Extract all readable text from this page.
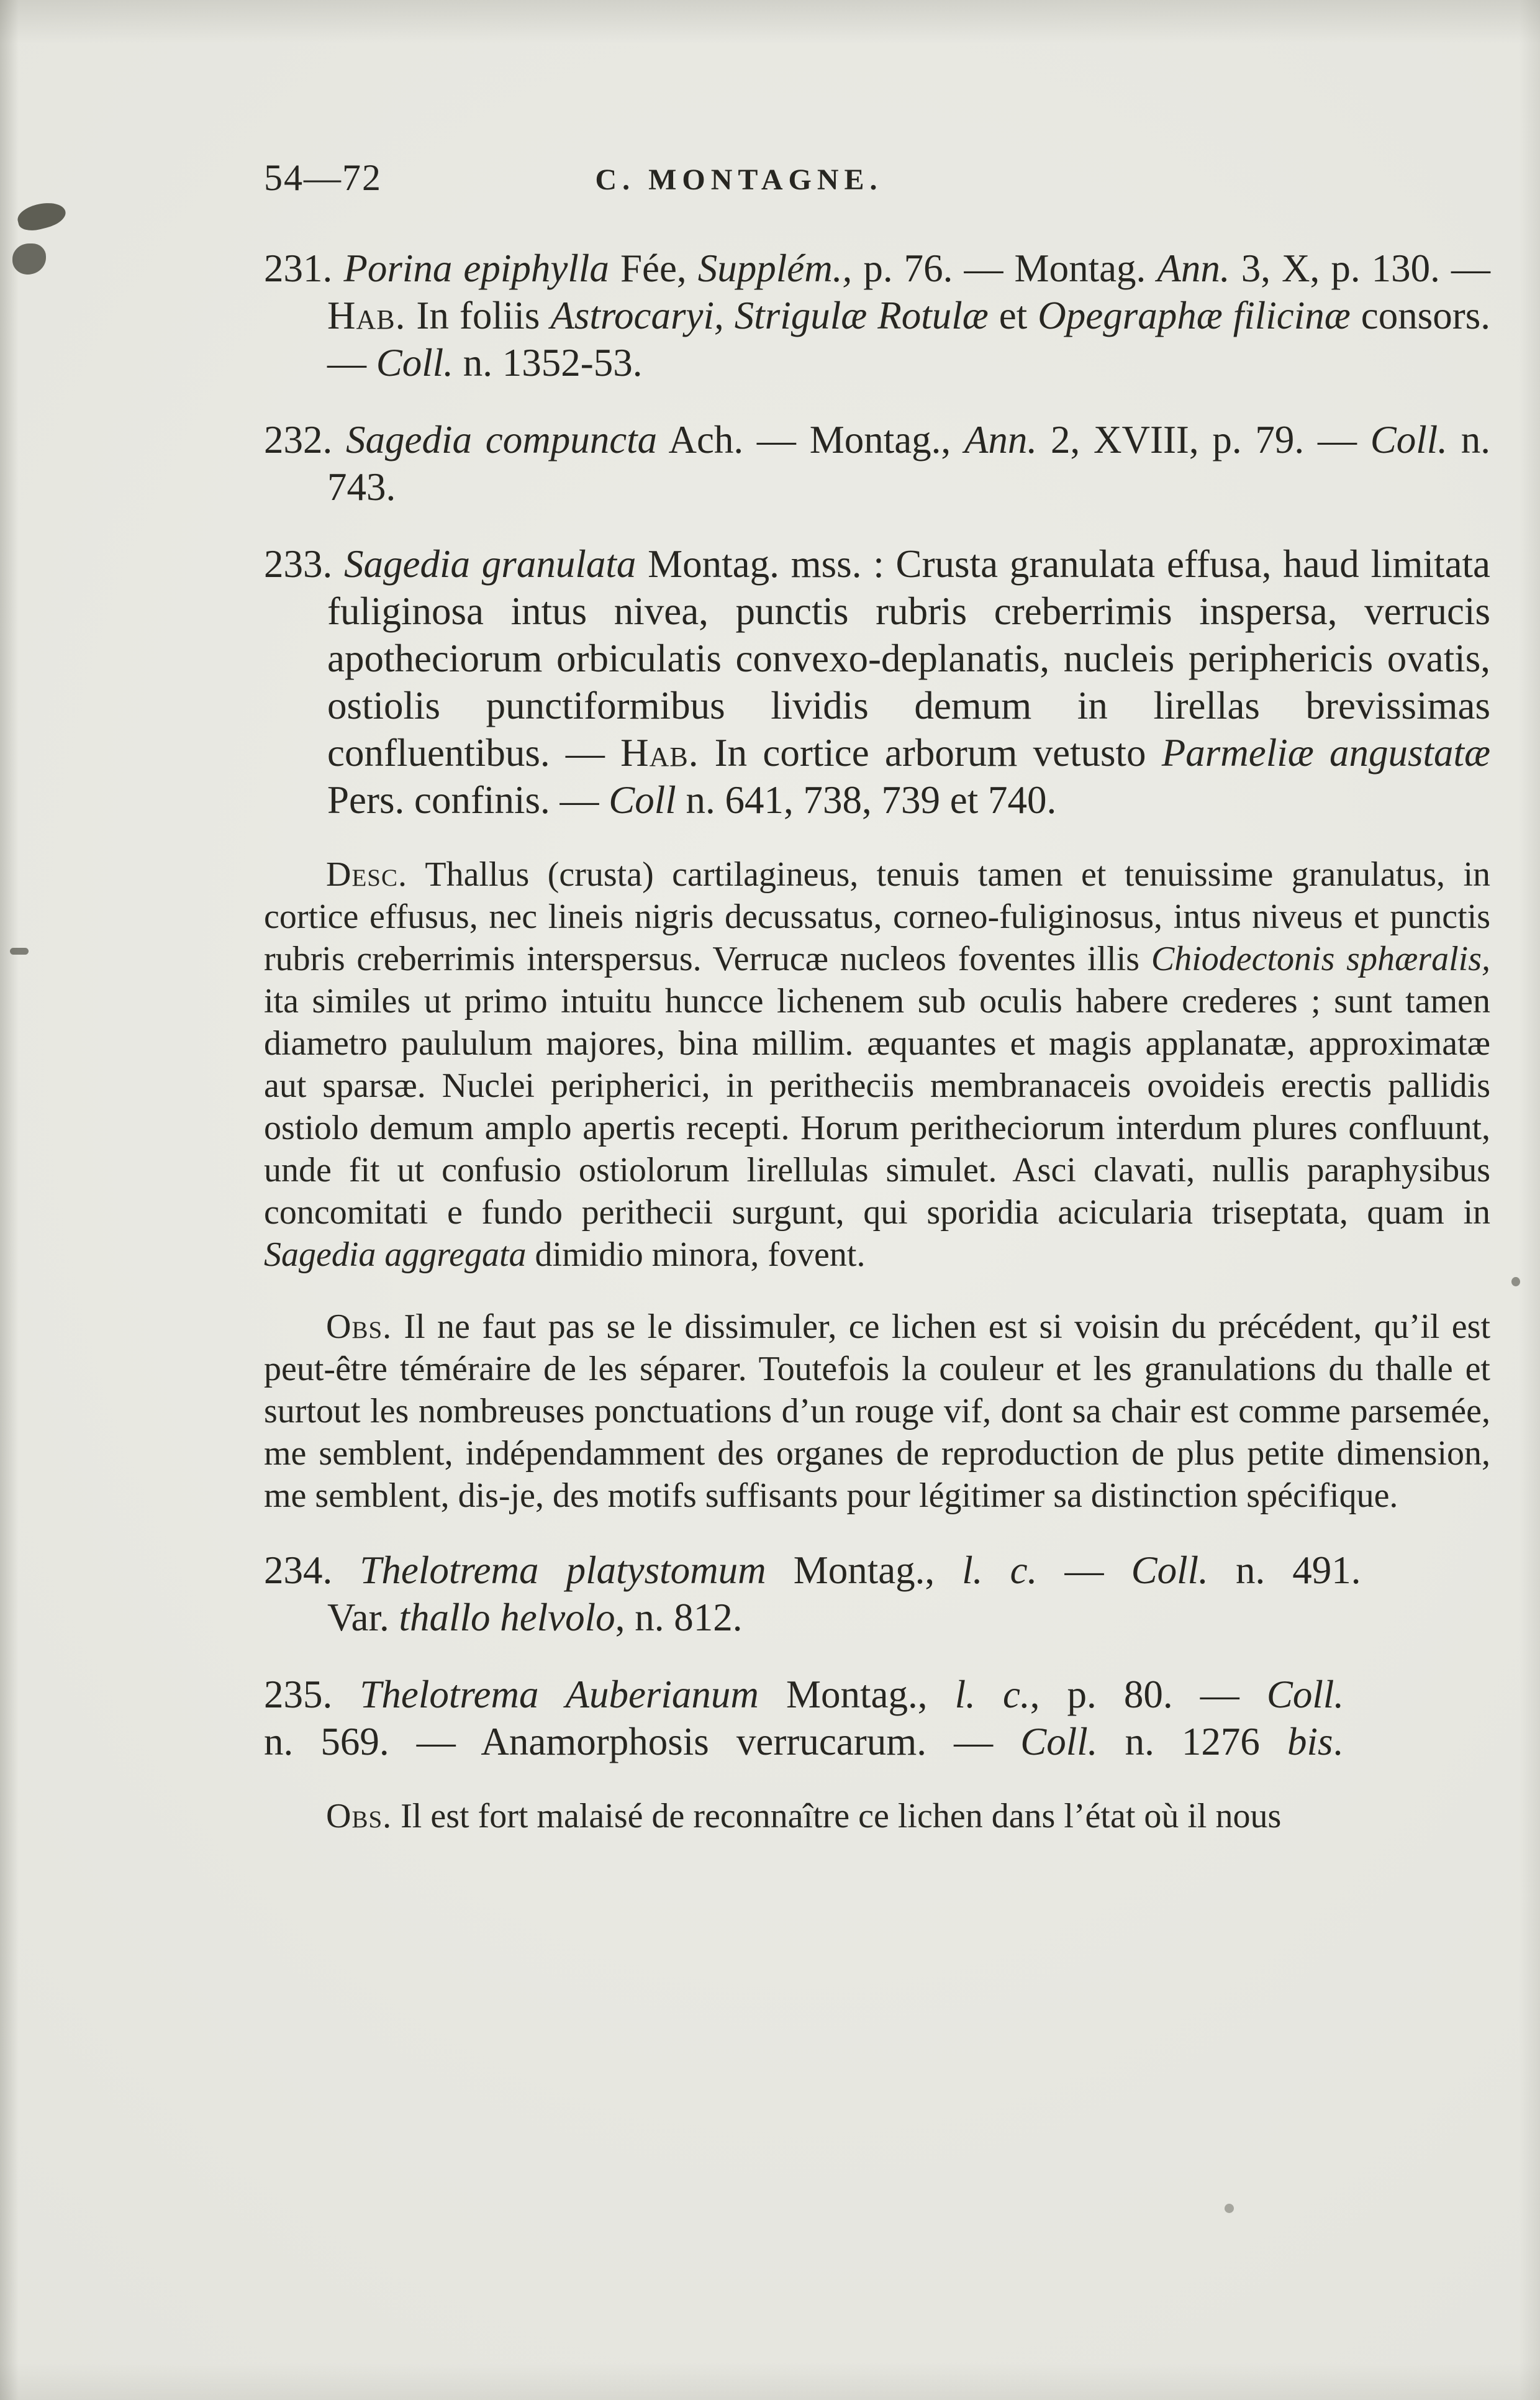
54—72	C. MONTAGNE.

231. Porina epiphylla Fée, Supplém., p. 76. — Montag. Ann. 3, X, p. 130. — Hab. In foliis Astrocaryi, Strigulæ Rotulæ et Opegraphæ filicinæ consors. — Coll. n. 1352-53.

232. Sagedia compuncta Ach. — Montag., Ann. 2, XVIII, p. 79. — Coll. n. 743.

233. Sagedia granulata Montag. mss. : Crusta granulata effusa, haud limitata fuliginosa intus nivea, punctis rubris creberrimis inspersa, verrucis apotheciorum orbiculatis convexo-deplanatis, nucleis periphericis ovatis, ostiolis punctiformibus lividis demum in lirellas brevissimas confluentibus. — Hab. In cortice arborum vetusto Parmeliæ angustatæ Pers. confinis. — Coll n. 641, 738, 739 et 740.

Desc. Thallus (crusta) cartilagineus, tenuis tamen et tenuissime granulatus, in cortice effusus, nec lineis nigris decussatus, corneo-fuliginosus, intus niveus et punctis rubris creberrimis interspersus. Verrucæ nucleos foventes illis Chiodectonis sphæralis, ita similes ut primo intuitu huncce lichenem sub oculis habere crederes ; sunt tamen diametro paululum majores, bina millim. æquantes et magis applanatæ, approximatæ aut sparsæ. Nuclei peripherici, in peritheciis membranaceis ovoideis erectis pallidis ostiolo demum amplo apertis recepti. Horum peritheciorum interdum plures confluunt, unde fit ut confusio ostiolorum lirellulas simulet. Asci clavati, nullis paraphysibus concomitati e fundo perithecii surgunt, qui sporidia acicularia triseptata, quam in Sagedia aggregata dimidio minora, fovent.

Obs. Il ne faut pas se le dissimuler, ce lichen est si voisin du précédent, qu’il est peut-être téméraire de les séparer. Toutefois la couleur et les granulations du thalle et surtout les nombreuses ponctuations d’un rouge vif, dont sa chair est comme parsemée, me semblent, indépendamment des organes de reproduction de plus petite dimension, me semblent, dis-je, des motifs suffisants pour légitimer sa distinction spécifique.

234. Thelotrema platystomum Montag., l. c. — Coll. n. 491.
Var. thallo helvolo, n. 812.

235. Thelotrema Auberianum Montag., l. c., p. 80. — Coll.
n. 569. — Anamorphosis verrucarum. — Coll. n. 1276 bis.

Obs. Il est fort malaisé de reconnaître ce lichen dans l’état où il nous
